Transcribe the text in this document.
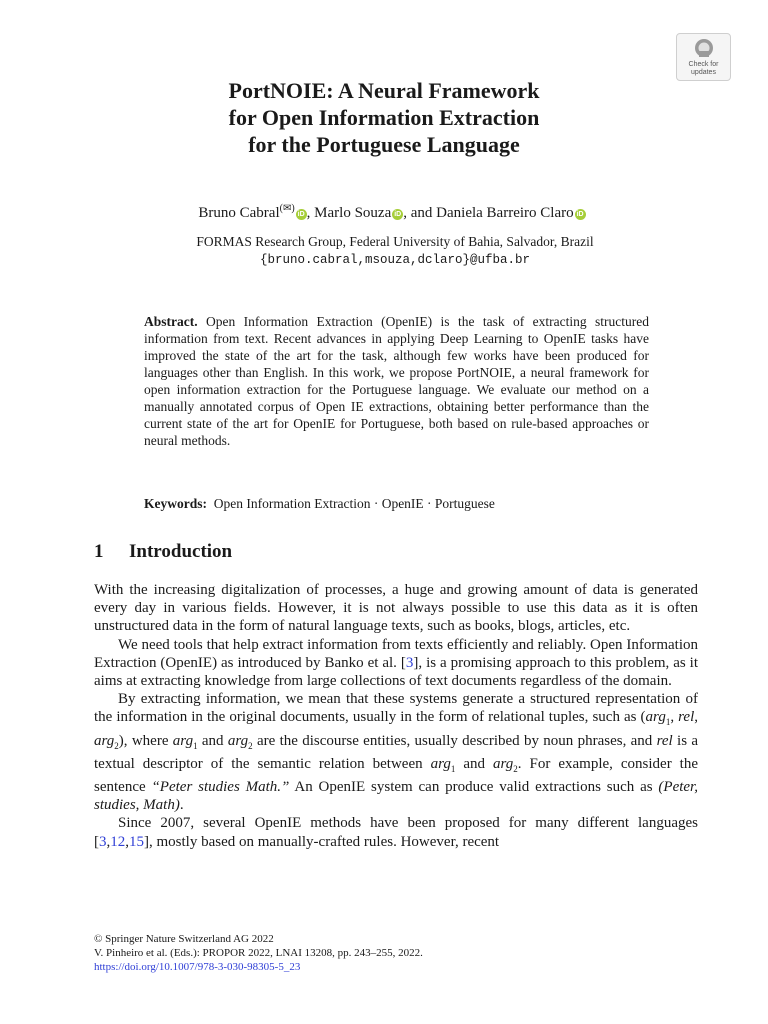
Check for
updates
PortNOIE: A Neural Framework
for Open Information Extraction
for the Portuguese Language
Bruno Cabral(✉)iD , Marlo Souza iD , and Daniela Barreiro Claro iD
FORMAS Research Group, Federal University of Bahia, Salvador, Brazil
{bruno.cabral,msouza,dclaro}@ufba.br
Abstract. Open Information Extraction (OpenIE) is the task of extracting structured information from text. Recent advances in applying Deep Learning to OpenIE tasks have improved the state of the art for the task, although few works have been produced for languages other than English. In this work, we propose PortNOIE, a neural framework for open information extraction for the Portuguese language. We evaluate our method on a manually annotated corpus of Open IE extractions, obtaining better performance than the current state of the art for OpenIE for Portuguese, both based on rule-based approaches or neural methods.
Keywords: Open Information Extraction · OpenIE · Portuguese
1 Introduction

With the increasing digitalization of processes, a huge and growing amount of data is generated every day in various fields. However, it is not always possible to use this data as it is often unstructured data in the form of natural language texts, such as books, blogs, articles, etc.

We need tools that help extract information from texts efficiently and reliably. Open Information Extraction (OpenIE) as introduced by Banko et al. [3], is a promising approach to this problem, as it aims at extracting knowledge from large collections of text documents regardless of the domain.

By extracting information, we mean that these systems generate a structured representation of the information in the original documents, usually in the form of relational tuples, such as (arg$_1$, rel, arg$_2$), where arg$_1$ and arg$_2$ are the discourse entities, usually described by noun phrases, and rel is a textual descriptor of the semantic relation between arg$_1$ and arg$_2$. For example, consider the sentence “Peter studies Math.” An OpenIE system can produce valid extractions such as (Peter, studies, Math).

Since 2007, several OpenIE methods have been proposed for many different languages [3,12,15], mostly based on manually-crafted rules. However, recent

© Springer Nature Switzerland AG 2022
V. Pinheiro et al. (Eds.): PROPOR 2022, LNAI 13208, pp. 243–255, 2022.
https://doi.org/10.1007/978-3-030-98305-5_23
